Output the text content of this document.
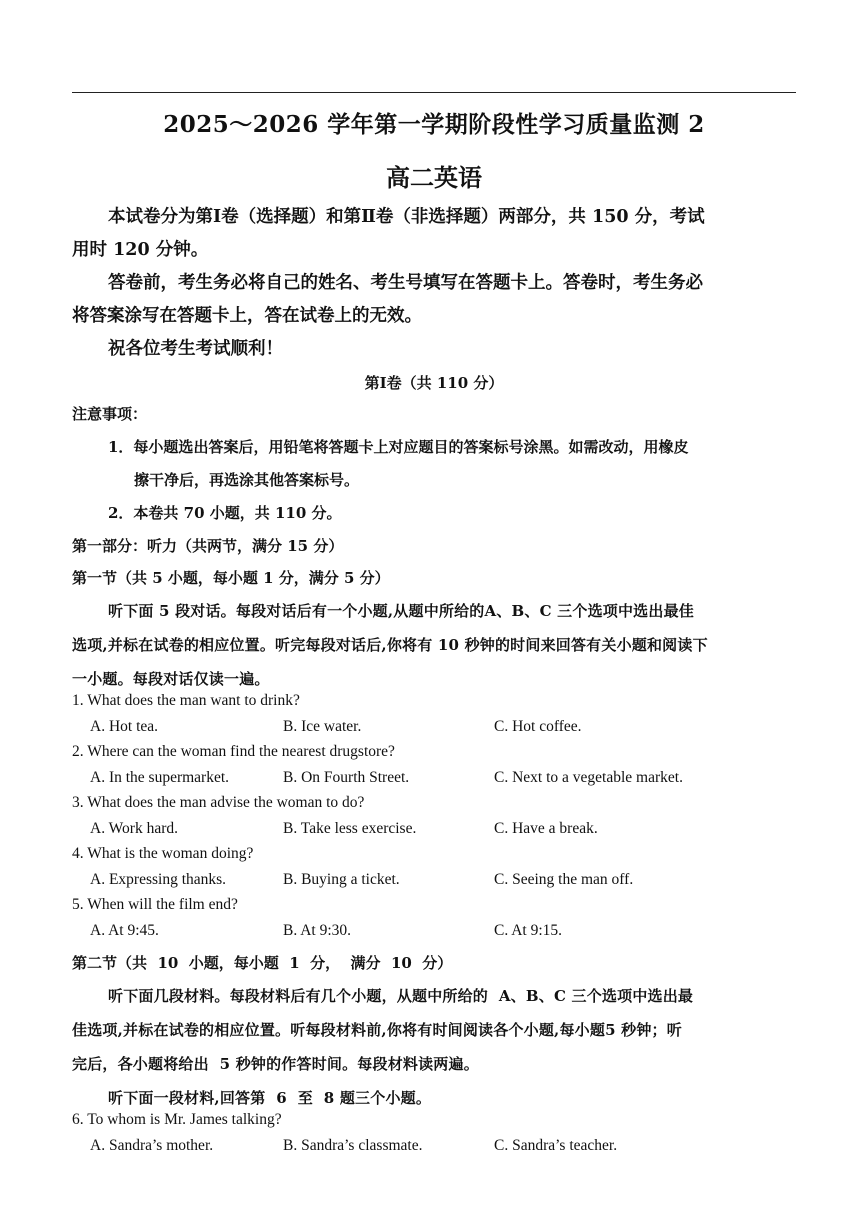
2025～2026 学年第一学期阶段性学习质量监测 2
高二英语
本试卷分为第Ⅰ卷（选择题）和第Ⅱ卷（非选择题）两部分，共 150 分，考试
用时 120 分钟。
答卷前，考生务必将自己的姓名、考生号填写在答题卡上。答卷时，考生务必
将答案涂写在答题卡上，答在试卷上的无效。
祝各位考生考试顺利！
第Ⅰ卷（共 110 分）
注意事项：
1．每小题选出答案后，用铅笔将答题卡上对应题目的答案标号涂黑。如需改动，用橡皮
擦干净后，再选涂其他答案标号。
2．本卷共 70 小题，共 110 分。
第一部分：听力（共两节，满分 15 分）
第一节（共 5 小题，每小题 1 分，满分 5 分）
听下面 5 段对话。每段对话后有一个小题,从题中所给的A、B、C 三个选项中选出最佳
选项,并标在试卷的相应位置。听完每段对话后,你将有 10 秒钟的时间来回答有关小题和阅读下
一小题。每段对话仅读一遍。
1. What does the man want to drink?
A. Hot tea.	B. Ice water.	C. Hot coffee.
2. Where can the woman find the nearest drugstore?
A. In the supermarket.	B. On Fourth Street.	C. Next to a vegetable market.
3. What does the man advise the woman to do?
A. Work hard.	B. Take less exercise.	C. Have a break.
4. What is the woman doing?
A. Expressing thanks.	B. Buying a ticket.	C. Seeing the man off.
5. When will the film end?
A. At 9:45.	B. At 9:30.	C. At 9:15.
第二节（共  10  小题，每小题  1  分，  满分  10  分）
听下面几段材料。每段材料后有几个小题，从题中所给的  A、B、C 三个选项中选出最
佳选项,并标在试卷的相应位置。听每段材料前,你将有时间阅读各个小题,每小题5 秒钟；听
完后，各小题将给出  5 秒钟的作答时间。每段材料读两遍。
听下面一段材料,回答第  6  至  8 题三个小题。
6. To whom is Mr. James talking?
A. Sandra’s mother.	B. Sandra’s classmate.	C. Sandra’s teacher.
